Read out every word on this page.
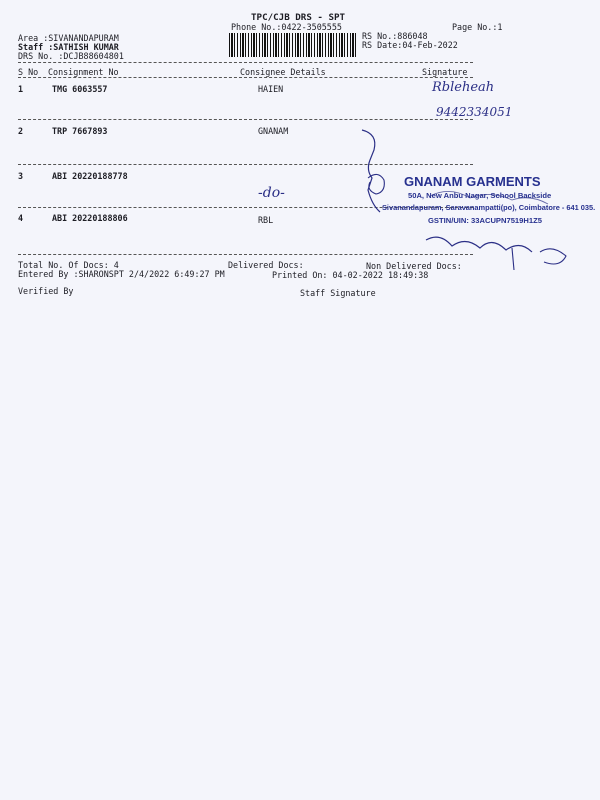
TPC/CJB DRS - SPT
Phone No.:0422-3505555	Page No.:1
Area :SIVANANDAPURAM
Staff :SATHISH KUMAR
DRS No. :DCJB88604801
RS No.:886048
RS Date:04-Feb-2022
S No Consignment No	Consignee Details	Signature
1	TMG 6063557	HAIEN	Rbleheah
9442334051
2	TRP 7667893	GNANAM
3	ABI 20220188778
-do-
4	ABI 20220188806	RBL
GNANAM GARMENTS
50A, New Anbu Nagar, School Backside
Sivanandapuram, Saravanampatti(po), Coimbatore - 641 035.
GSTIN/UIN: 33ACUPN7519H1Z5
Total No. Of Docs: 4	Delivered Docs:	Non Delivered Docs:
Entered By :SHARONSPT 2/4/2022 6:49:27 PM	Printed On: 04-02-2022 18:49:38
Verified By	Staff Signature
